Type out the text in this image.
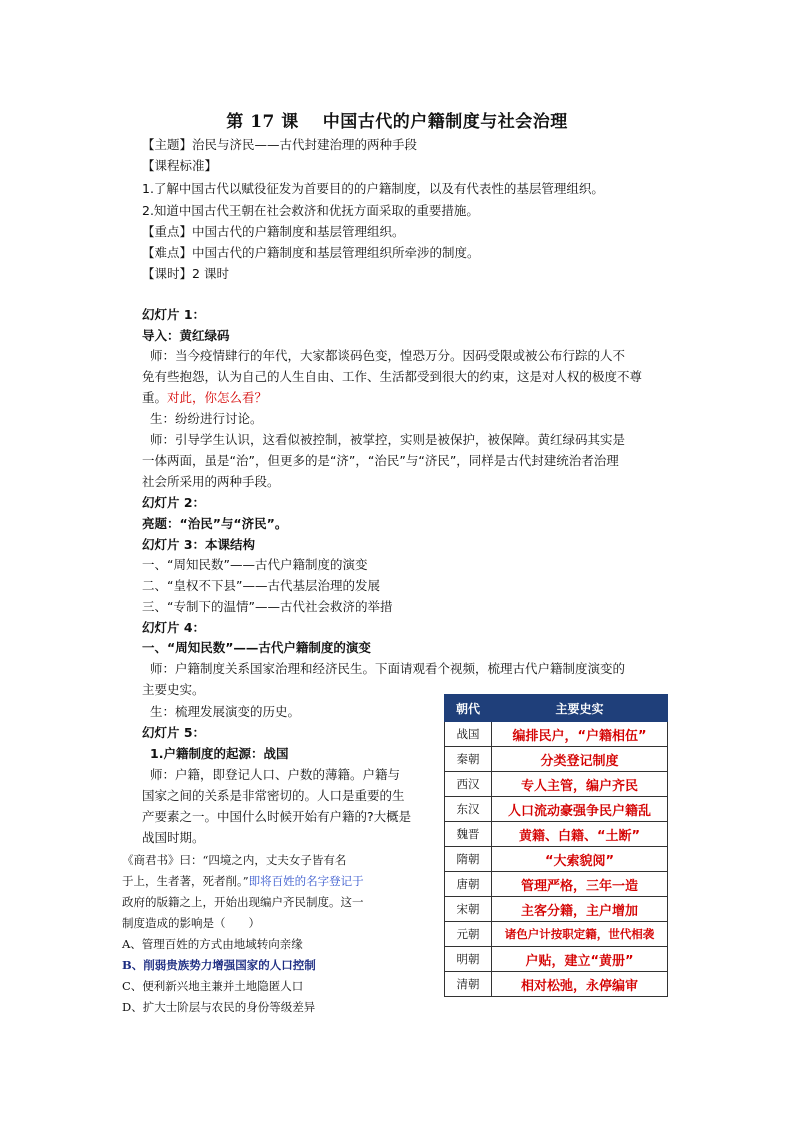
第 17 课　 中国古代的户籍制度与社会治理
【主题】治民与济民——古代封建治理的两种手段
【课程标准】
1.了解中国古代以赋役征发为首要目的的户籍制度，以及有代表性的基层管理组织。
2.知道中国古代王朝在社会救济和优抚方面采取的重要措施。
【重点】中国古代的户籍制度和基层管理组织。
【难点】中国古代的户籍制度和基层管理组织所牵涉的制度。
【课时】2 课时
幻灯片 1：
导入：黄红绿码
师：当今疫情肆行的年代，大家都谈码色变，惶恐万分。因码受限或被公布行踪的人不
免有些抱怨，认为自己的人生自由、工作、生活都受到很大的约束，这是对人权的极度不尊
重。对此，你怎么看？
生：纷纷进行讨论。
师：引导学生认识，这看似被控制，被掌控，实则是被保护，被保障。黄红绿码其实是
一体两面，虽是“治”，但更多的是“济”，“治民”与“济民”，同样是古代封建统治者治理
社会所采用的两种手段。
幻灯片 2：
亮题：“治民”与“济民”。
幻灯片 3：本课结构
一、“周知民数”——古代户籍制度的演变
二、“皇权不下县”——古代基层治理的发展
三、“专制下的温情”——古代社会救济的举措
幻灯片 4：
一、“周知民数”——古代户籍制度的演变
师：户籍制度关系国家治理和经济民生。下面请观看个视频，梳理古代户籍制度演变的
主要史实。
生：梳理发展演变的历史。
幻灯片 5：
1.户籍制度的起源：战国
师：户籍，即登记人口、户数的薄籍。户籍与
国家之间的关系是非常密切的。人口是重要的生
产要素之一。中国什么时候开始有户籍的?大概是
战国时期。
《商君书》曰：“四境之内，丈夫女子皆有名
于上，生者著，死者削。”即将百姓的名字登记于
政府的版籍之上，开始出现编户齐民制度。这一
制度造成的影响是（　　）
A、管理百姓的方式由地域转向亲缘
B、削弱贵族势力增强国家的人口控制
C、便利新兴地主兼并土地隐匿人口
D、扩大士阶层与农民的身份等级差异
朝代	主要史实
战国	编排民户，“户籍相伍”
秦朝	分类登记制度
西汉	专人主管，编户齐民
东汉	人口流动豪强争民户籍乱
魏晋	黄籍、白籍、“土断”
隋朝	“大索貌阅”
唐朝	管理严格，三年一造
宋朝	主客分籍，主户增加
元朝	诸色户计按职定籍，世代相袭
明朝	户贴，建立“黄册”
清朝	相对松弛，永停编审
